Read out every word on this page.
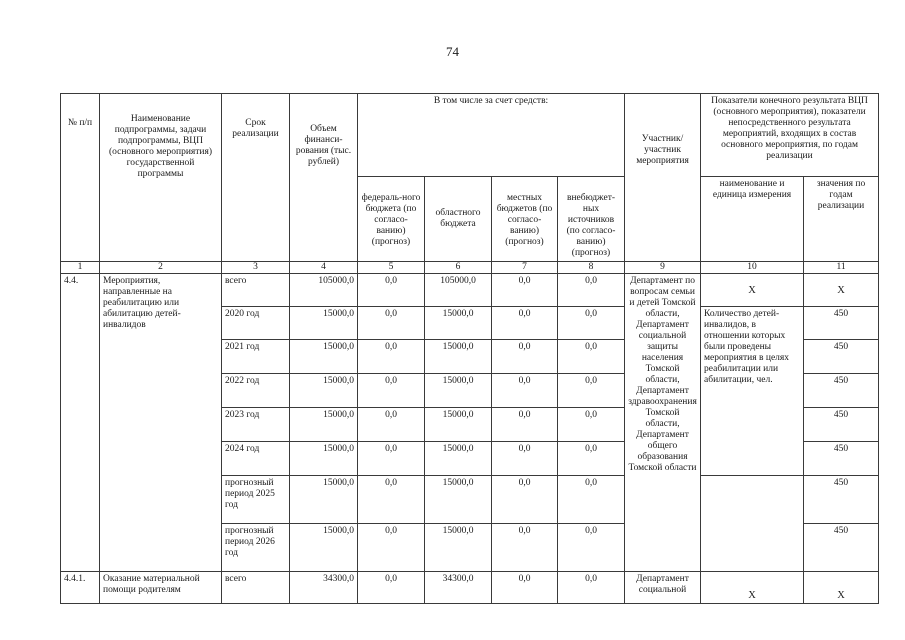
74
№ п/п	Наименование подпрограммы, задачи подпрограммы, ВЦП (основного мероприятия) государственной программы	Срок реализации	Объем финанси-рования (тыс. рублей)	В том числе за счет средств:				Участник/ участник мероприятия	Показатели конечного результата ВЦП (основного мероприятия), показатели непосредственного результата мероприятий, входящих в состав основного мероприятия, по годам реализации	
				федераль-ного бюджета (по согласо-ванию) (прогноз)	областного бюджета	местных бюджетов (по согласо-ванию) (прогноз)	внебюджет-ных источников (по согласо-ванию) (прогноз)		наименование и единица измерения	значения по годам реализации

1	2	3	4	5	6	7	8	9	10	11
4.4.	Мероприятия, направленные на реабилитацию или абилитацию детей-инвалидов	всего	105000,0	0,0	105000,0	0,0	0,0	Департамент по вопросам семьи и детей Томской области, Департамент социальной защиты населения Томской области, Департамент здравоохранения Томской области, Департамент общего образования Томской области	X	X
		2020 год	15000,0	0,0	15000,0	0,0	0,0		Количество детей-инвалидов, в отношении которых были проведены мероприятия в целях реабилитации или абилитации, чел.	450
		2021 год	15000,0	0,0	15000,0	0,0	0,0			450
		2022 год	15000,0	0,0	15000,0	0,0	0,0			450
		2023 год	15000,0	0,0	15000,0	0,0	0,0			450
		2024 год	15000,0	0,0	15000,0	0,0	0,0			450
		прогнозный период 2025 год	15000,0	0,0	15000,0	0,0	0,0			450
		прогнозный период 2026 год	15000,0	0,0	15000,0	0,0	0,0			450
4.4.1.	Оказание материальной помощи родителям	всего	34300,0	0,0	34300,0	0,0	0,0	Департамент социальной	X	X
